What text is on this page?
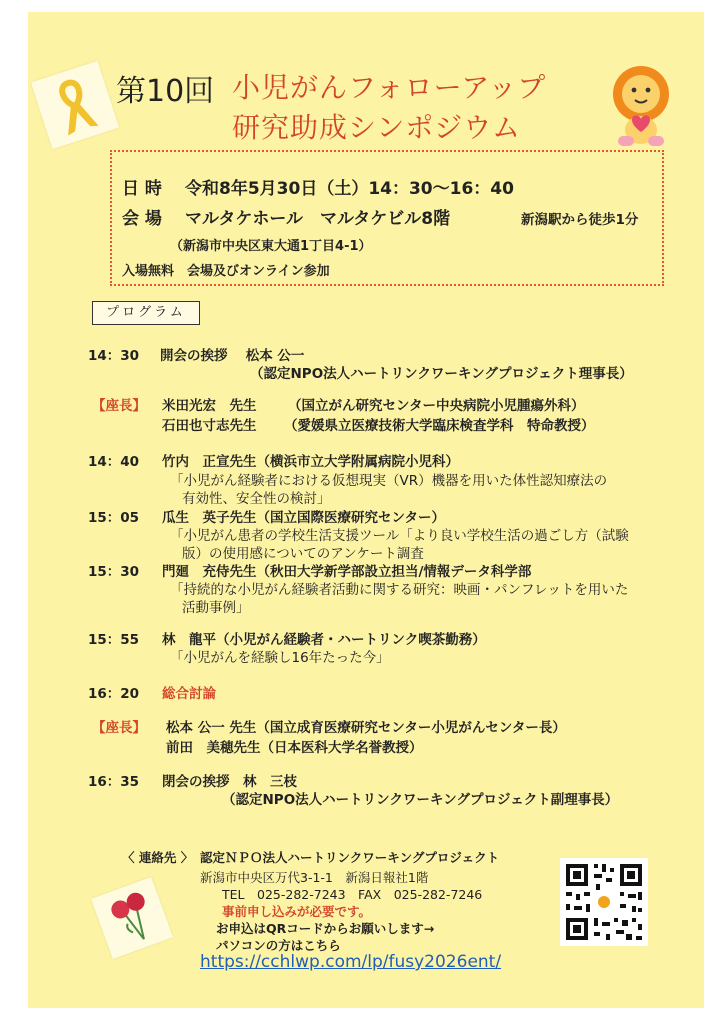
第10回 小児がんフォローアップ
研究助成シンポジウム
日 時 令和8年5月30日（土）14：30～16：40
会 場 マルタケホール　マルタケビル8階	新潟駅から徒歩1分
（新潟市中央区東大通1丁目4-1）
入場無料　会場及びオンライン参加
プログラム
14：30 開会の挨拶　 松本 公一
（認定NPO法人ハートリンクワーキングプロジェクト理事長）
【座長】 米田光宏　先生 （国立がん研究センター中央病院小児腫瘍外科）
石田也寸志先生 （愛媛県立医療技術大学臨床検査学科　特命教授）
14：40 竹内　正宣先生（横浜市立大学附属病院小児科）
「小児がん経験者における仮想現実（VR）機器を用いた体性認知療法の
有効性、安全性の検討」
15：05 瓜生　英子先生（国立国際医療研究センター）
「小児がん患者の学校生活支援ツール「より良い学校生活の過ごし方（試験
版）の使用感についてのアンケート調査
15：30 門廻　充侍先生（秋田大学新学部設立担当/情報データ科学部
「持続的な小児がん経験者活動に関する研究：映画・パンフレットを用いた
活動事例」
15：55 林　龍平（小児がん経験者・ハートリンク喫茶勤務）
「小児がんを経験し16年たった今」
16：20 総合討論
【座長】 松本 公一 先生（国立成育医療研究センター小児がんセンター長）
前田　美穂先生（日本医科大学名誉教授）
16：35 閉会の挨拶　林　三枝
（認定NPO法人ハートリンクワーキングプロジェクト副理事長）
〈 連絡先 〉 認定ＮＰＯ法人ハートリンクワーキングプロジェクト
新潟市中央区万代3-1-1　新潟日報社1階
TEL　025-282-7243　FAX　025-282-7246
事前申し込みが必要です。
お申込はQRコードからお願いします→
パソコンの方はこちら
https://cchlwp.com/lp/fusy2026ent/
